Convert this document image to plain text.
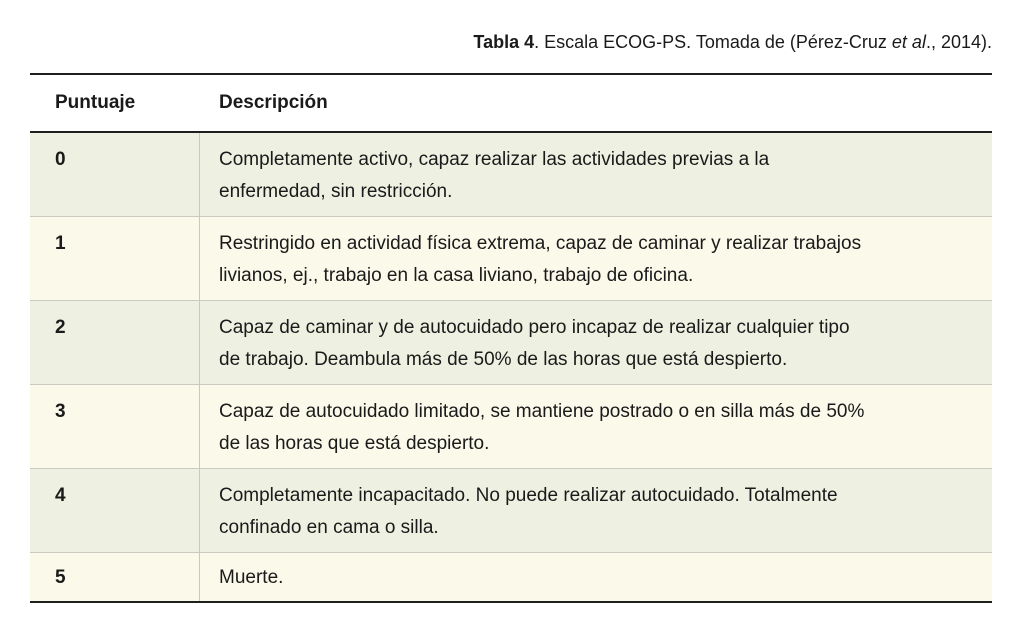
Tabla 4. Escala ECOG-PS. Tomada de (Pérez-Cruz et al., 2014).
Puntuaje	Descripción
0	Completamente activo, capaz realizar las actividades previas a la
enfermedad, sin restricción.
1	Restringido en actividad física extrema, capaz de caminar y realizar trabajos
livianos, ej., trabajo en la casa liviano, trabajo de oficina.
2	Capaz de caminar y de autocuidado pero incapaz de realizar cualquier tipo
de trabajo. Deambula más de 50% de las horas que está despierto.
3	Capaz de autocuidado limitado, se mantiene postrado o en silla más de 50%
de las horas que está despierto.
4	Completamente incapacitado. No puede realizar autocuidado. Totalmente
confinado en cama o silla.
5	Muerte.
